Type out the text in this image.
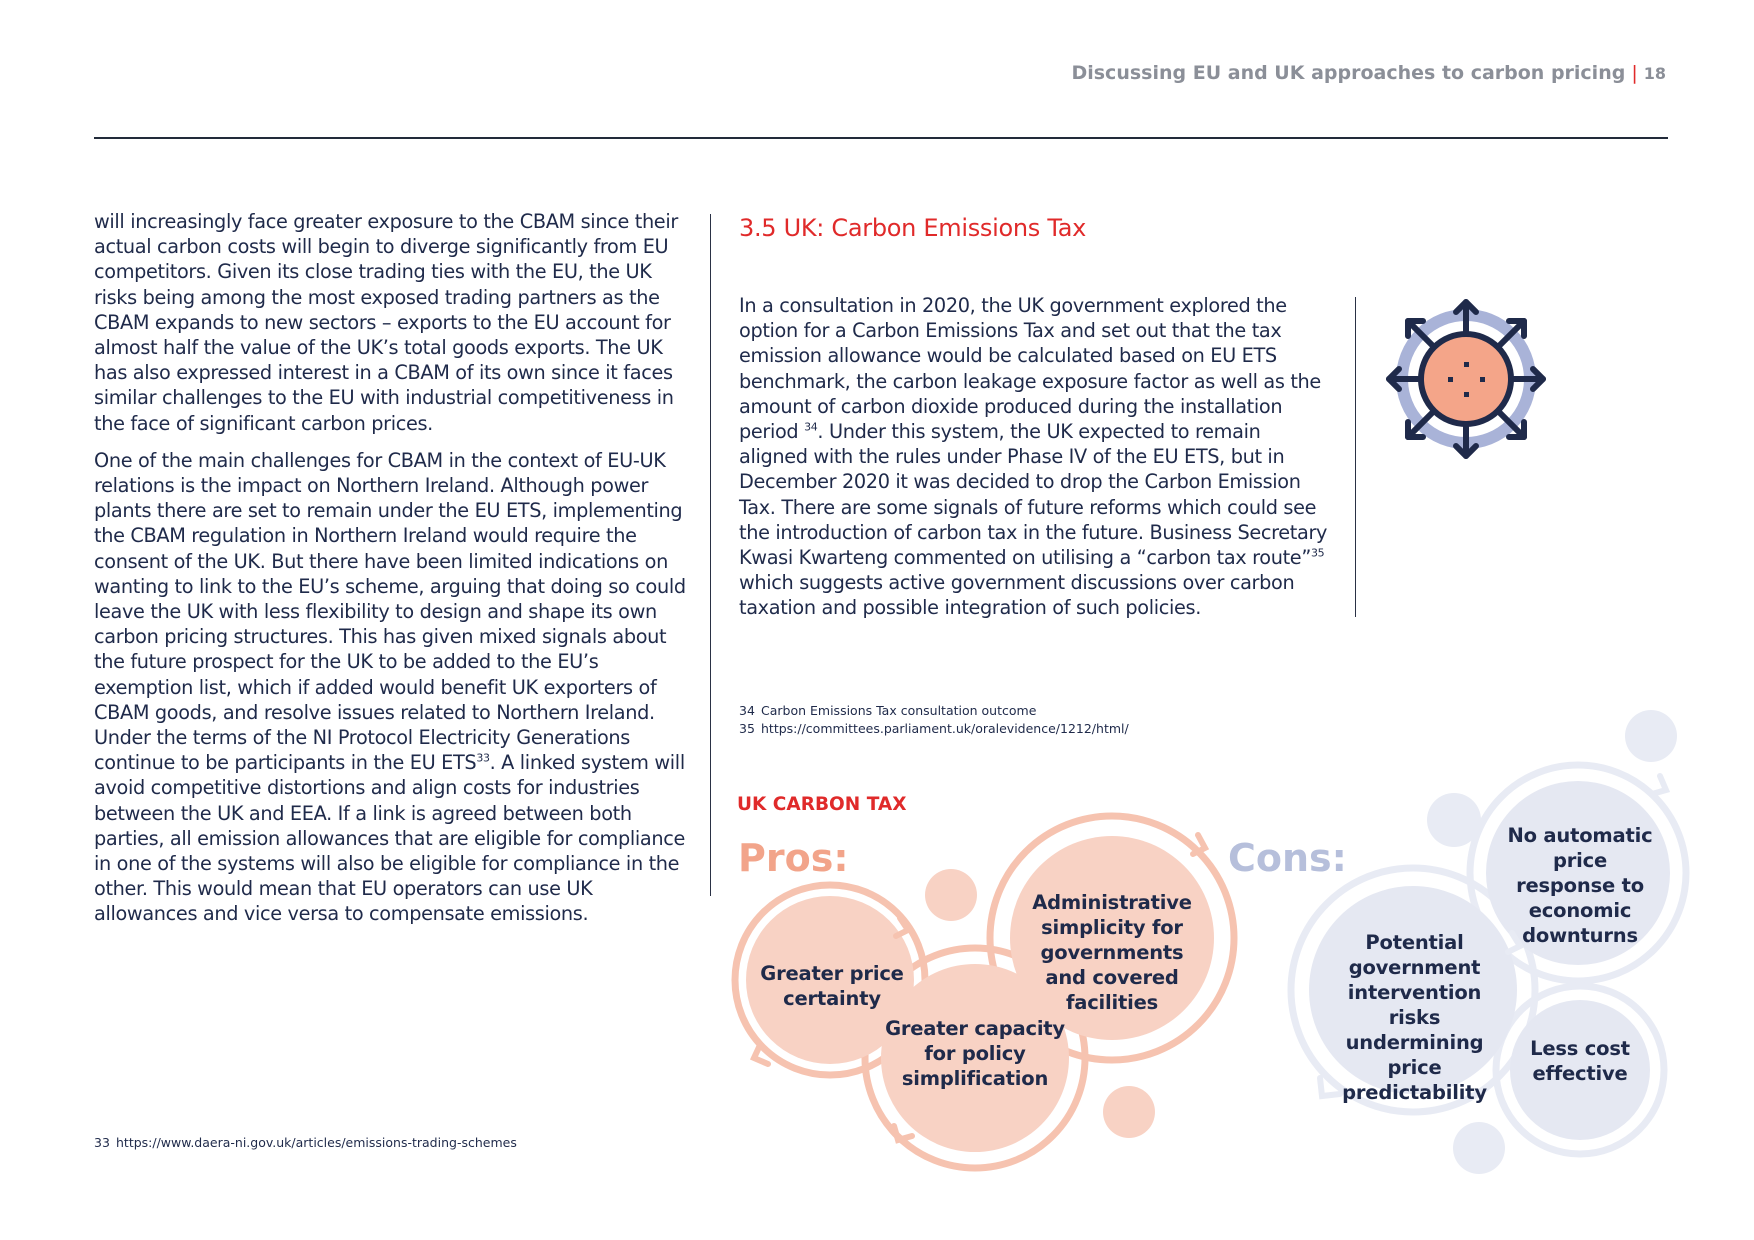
Discussing EU and UK approaches to carbon pricing | 18

will increasingly face greater exposure to the CBAM since their actual carbon costs will begin to diverge significantly from EU competitors. Given its close trading ties with the EU, the UK risks being among the most exposed trading partners as the CBAM expands to new sectors – exports to the EU account for almost half the value of the UK’s total goods exports. The UK has also expressed interest in a CBAM of its own since it faces similar challenges to the EU with industrial competitiveness in the face of significant carbon prices.

One of the main challenges for CBAM in the context of EU-UK relations is the impact on Northern Ireland. Although power plants there are set to remain under the EU ETS, implementing the CBAM regulation in Northern Ireland would require the consent of the UK. But there have been limited indications on wanting to link to the EU’s scheme, arguing that doing so could leave the UK with less flexibility to design and shape its own carbon pricing structures. This has given mixed signals about the future prospect for the UK to be added to the EU’s exemption list, which if added would benefit UK exporters of CBAM goods, and resolve issues related to Northern Ireland. Under the terms of the NI Protocol Electricity Generations continue to be participants in the EU ETS$^{33}$. A linked system will avoid competitive distortions and align costs for industries between the UK and EEA. If a link is agreed between both parties, all emission allowances that are eligible for compliance in one of the systems will also be eligible for compliance in the other. This would mean that EU operators can use UK allowances and vice versa to compensate emissions.

3.5 UK: Carbon Emissions Tax

In a consultation in 2020, the UK government explored the option for a Carbon Emissions Tax and set out that the tax emission allowance would be calculated based on EU ETS benchmark, the carbon leakage exposure factor as well as the amount of carbon dioxide produced during the installation period $^{34}$. Under this system, the UK expected to remain aligned with the rules under Phase IV of the EU ETS, but in December 2020 it was decided to drop the Carbon Emission Tax. There are some signals of future reforms which could see the introduction of carbon tax in the future. Business Secretary Kwasi Kwarteng commented on utilising a “carbon tax route”$^{35}$ which suggests active government discussions over carbon taxation and possible integration of such policies.

34 Carbon Emissions Tax consultation outcome
35 https://committees.parliament.uk/oralevidence/1212/html/
33 https://www.daera-ni.gov.uk/articles/emissions-trading-schemes
UK CARBON TAX
Pros:	Cons:
Greater price certainty
Administrative simplicity for governments and covered facilities
Greater capacity for policy simplification
No automatic price response to economic downturns
Potential government intervention risks undermining price predictability
Less cost effective
